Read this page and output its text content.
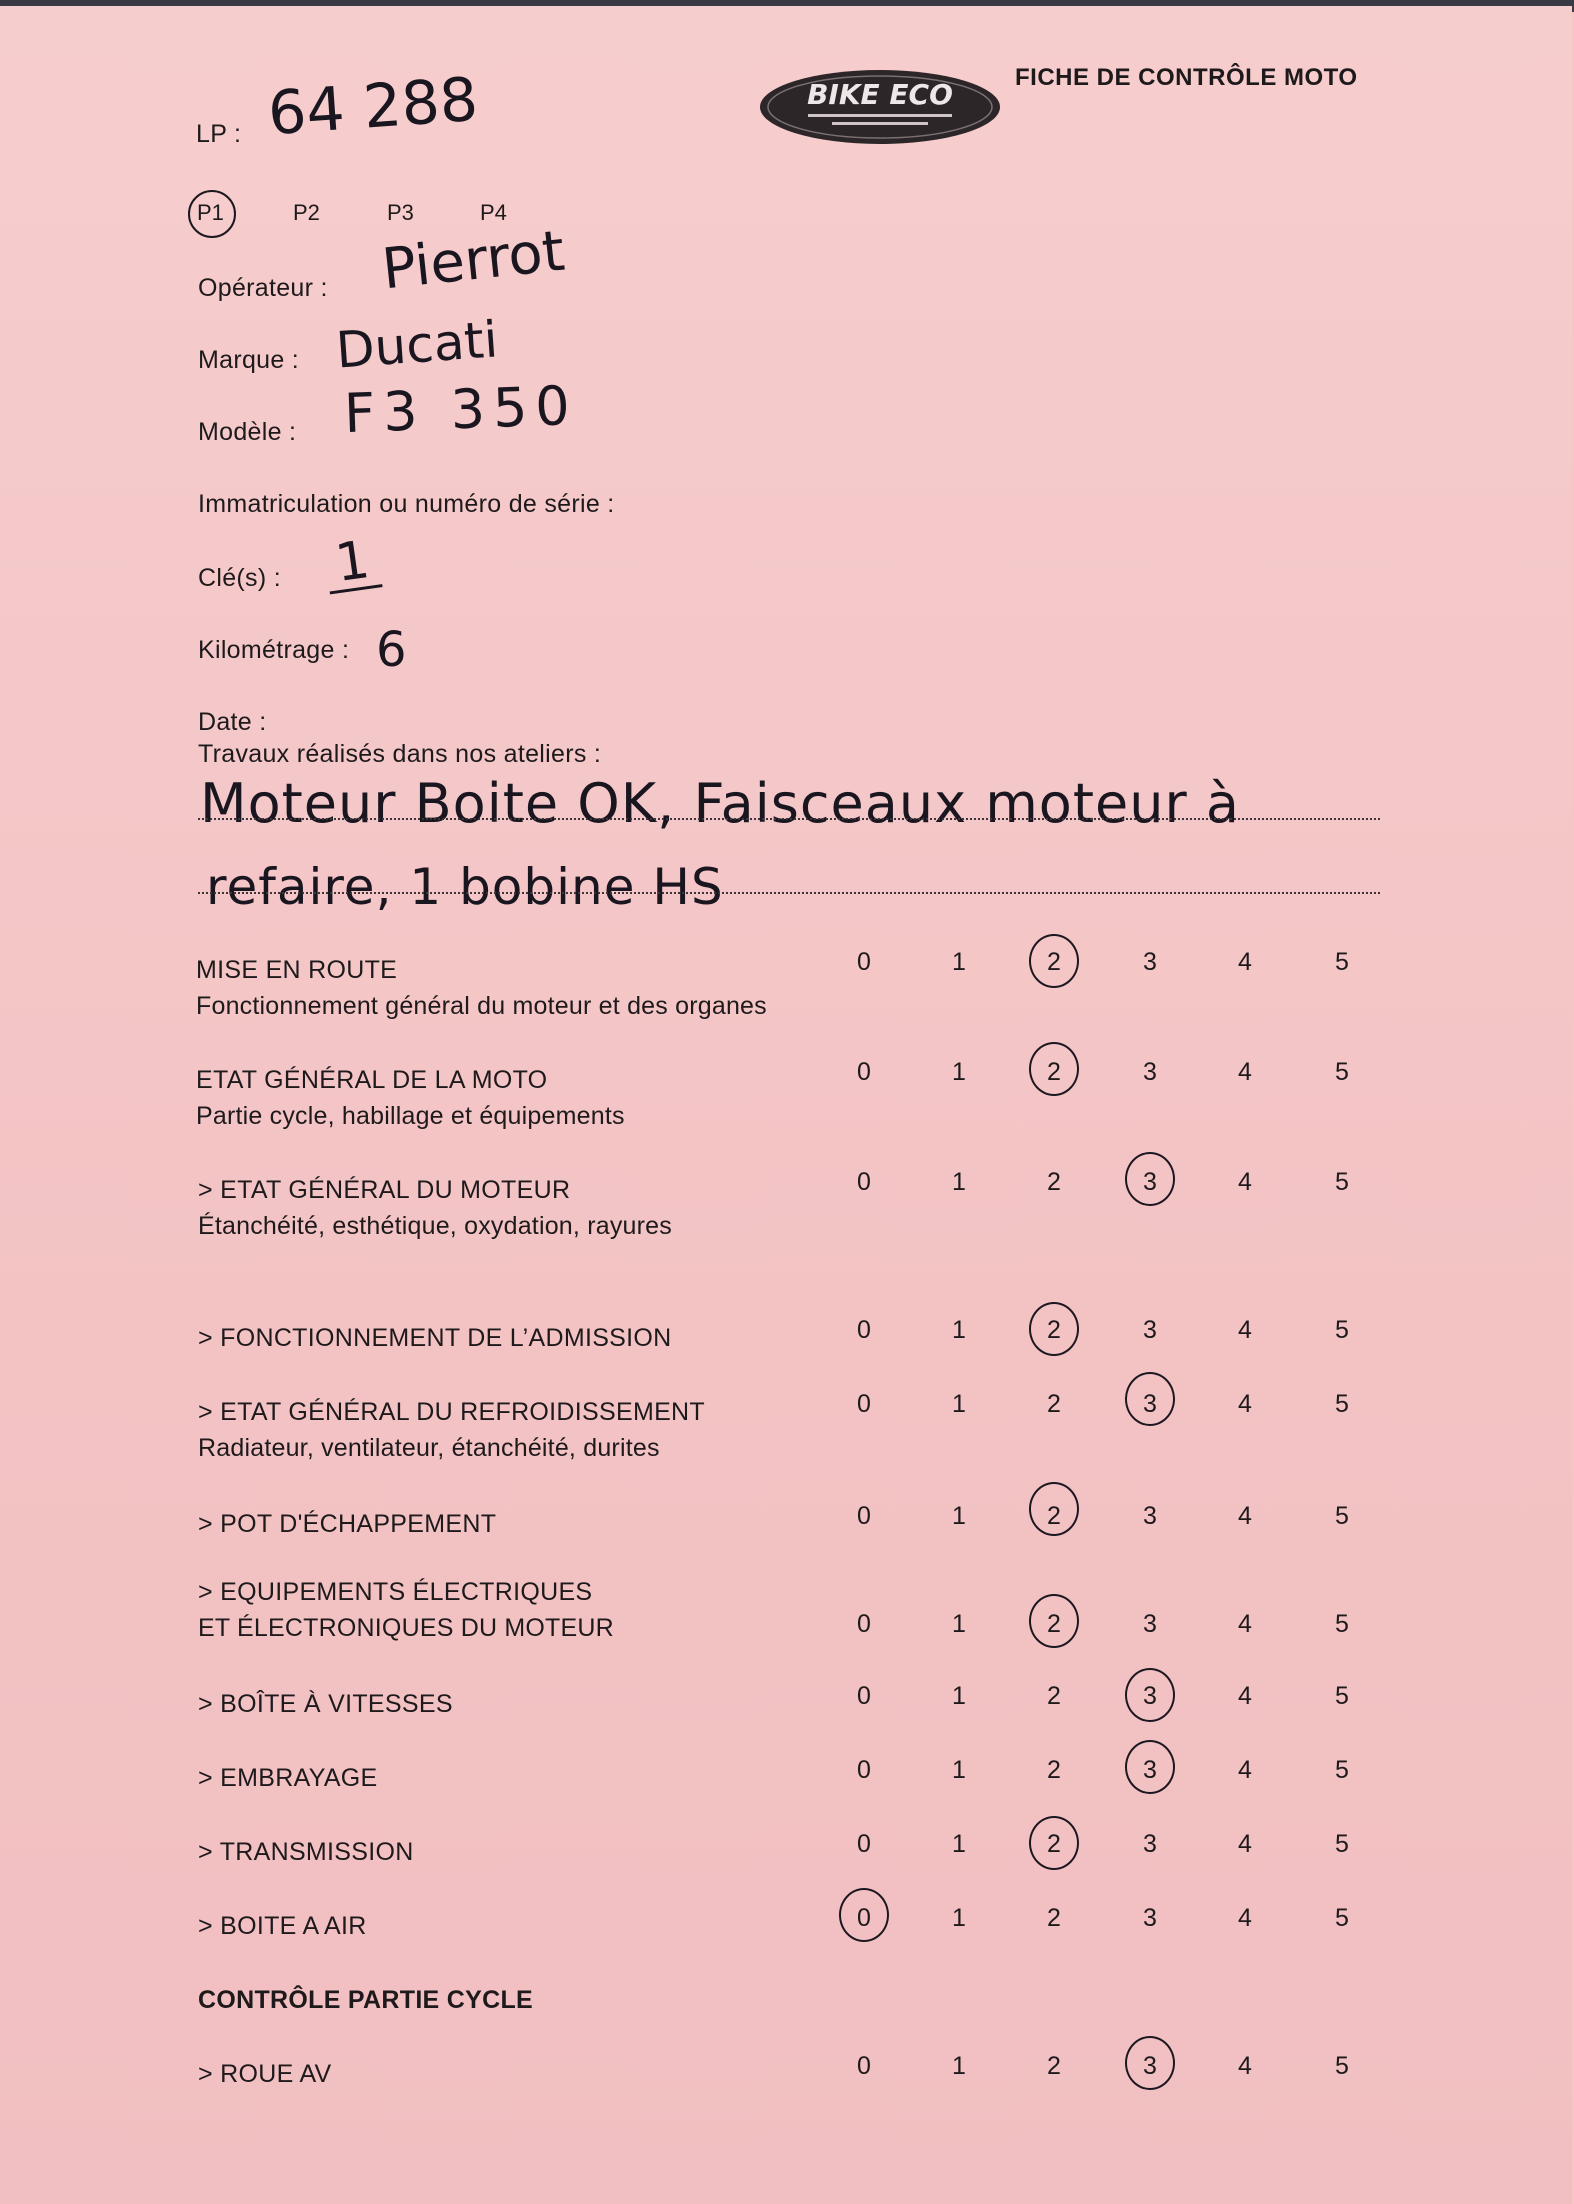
LP : 64 288	BIKE ECO
FICHE DE CONTRÔLE MOTO
P1	P2	P3	P4
Opérateur : Pierrot
Marque : Ducati
Modèle : F3 350
Immatriculation ou numéro de série :
Clé(s) : 1
Kilométrage : 6
Date :
Travaux réalisés dans nos ateliers :
Moteur Boite OK, Faisceaux moteur à
refaire, 1 bobine HS
MISE EN ROUTE
Fonctionnement général du moteur et des organes
0	1	2	3	4	5
ETAT GÉNÉRAL DE LA MOTO
Partie cycle, habillage et équipements
0	1	2	3	4	5
> ETAT GÉNÉRAL DU MOTEUR
Étanchéité, esthétique, oxydation, rayures
0	1	2	3	4	5
> FONCTIONNEMENT DE L’ADMISSION	0	1	2	3	4	5
> ETAT GÉNÉRAL DU REFROIDISSEMENT
Radiateur, ventilateur, étanchéité, durites
0	1	2	3	4	5
> POT D'ÉCHAPPEMENT	0	1	2	3	4	5
> EQUIPEMENTS ÉLECTRIQUES
ET ÉLECTRONIQUES DU MOTEUR	0	1	2	3	4	5
> BOÎTE À VITESSES	0	1	2	3	4	5
> EMBRAYAGE	0	1	2	3	4	5
> TRANSMISSION	0	1	2	3	4	5
> BOITE A AIR	0	1	2	3	4	5
CONTRÔLE PARTIE CYCLE
> ROUE AV	0	1	2	3	4	5
